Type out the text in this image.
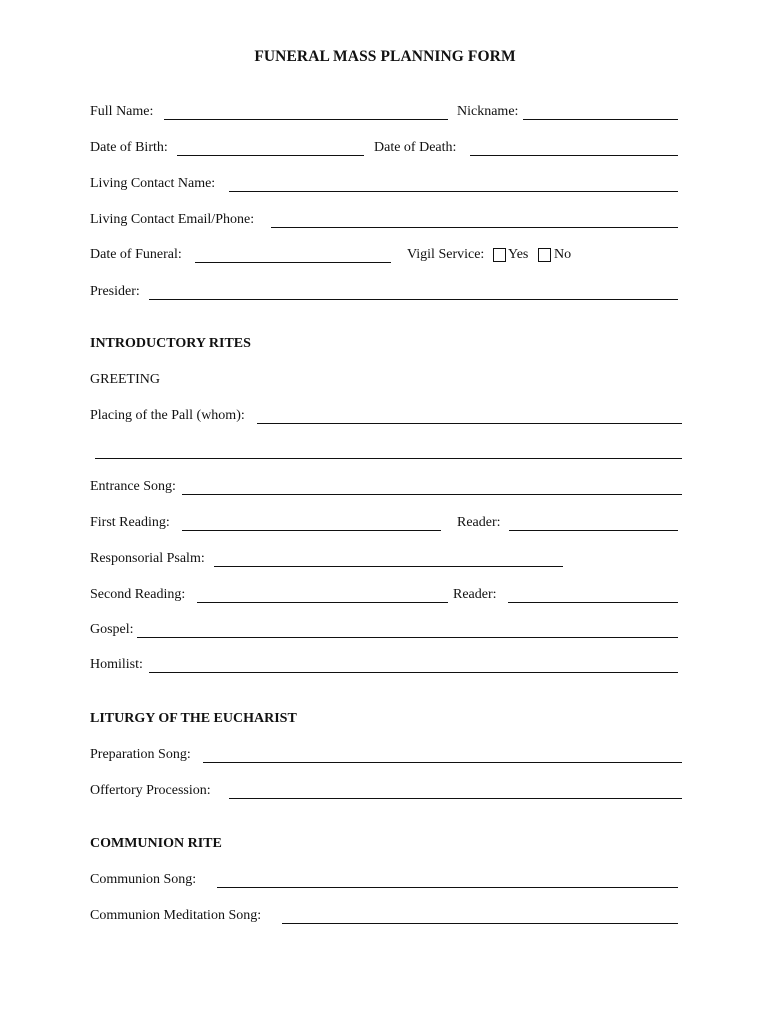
FUNERAL MASS PLANNING FORM
Full Name:	Nickname:
Date of Birth:	Date of Death:
Living Contact Name:
Living Contact Email/Phone:
Date of Funeral:	Vigil Service: Yes No
Presider:
INTRODUCTORY RITES
GREETING
Placing of the Pall (whom):
Entrance Song:
First Reading:	Reader:
Responsorial Psalm:
Second Reading:	Reader:
Gospel:
Homilist:
LITURGY OF THE EUCHARIST
Preparation Song:
Offertory Procession:
COMMUNION RITE
Communion Song:
Communion Meditation Song:
